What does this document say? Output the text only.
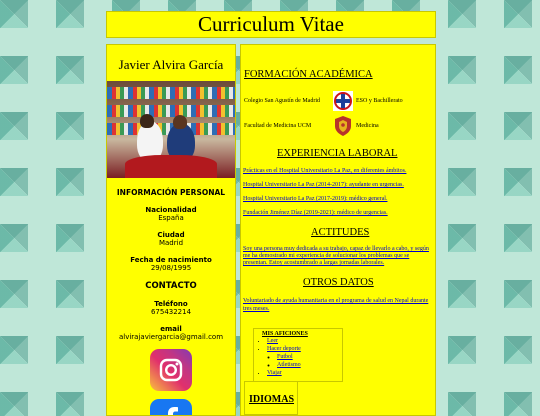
Curriculum Vitae
Javier Alvira García
INFORMACIÓN PERSONAL
Nacionalidad
España
Ciudad
Madrid
Fecha de nacimiento
29/08/1995
CONTACTO
Teléfono
675432214
email
alvirajaviergarcia@gmail.com
FORMACIÓN ACADÉMICA
Colegio San Agustín de Madrid	ESO y Bachillerato
Facultad de Medicina UCM	Medicina
EXPERIENCIA LABORAL
Prácticas en el Hospital Universitario La Paz, en diferentes ámbitos.
Hospital Universitario La Paz (2014-2017): ayudante en urgencias.
Hospital Universitario La Paz (2017-2019): médico general.
Fundación Jiménez Díaz (2019-2021): médico de urgencias.
ACTITUDES
Soy una persona muy dedicada a su trabajo, capaz de llevarlo a cabo, y según me ha demostrado mi experiencia de solucionar los problemas que se presentan. Estoy acostumbrado a largas jornadas laborales.
OTROS DATOS
Voluntariado de ayuda humanitaria en el programa de salud en Nepal durante tres meses.
MIS AFICIONES
• Leer
• Hacer deporte
◦ Futbol
◦ Atletismo
• Viajar
IDIOMAS
